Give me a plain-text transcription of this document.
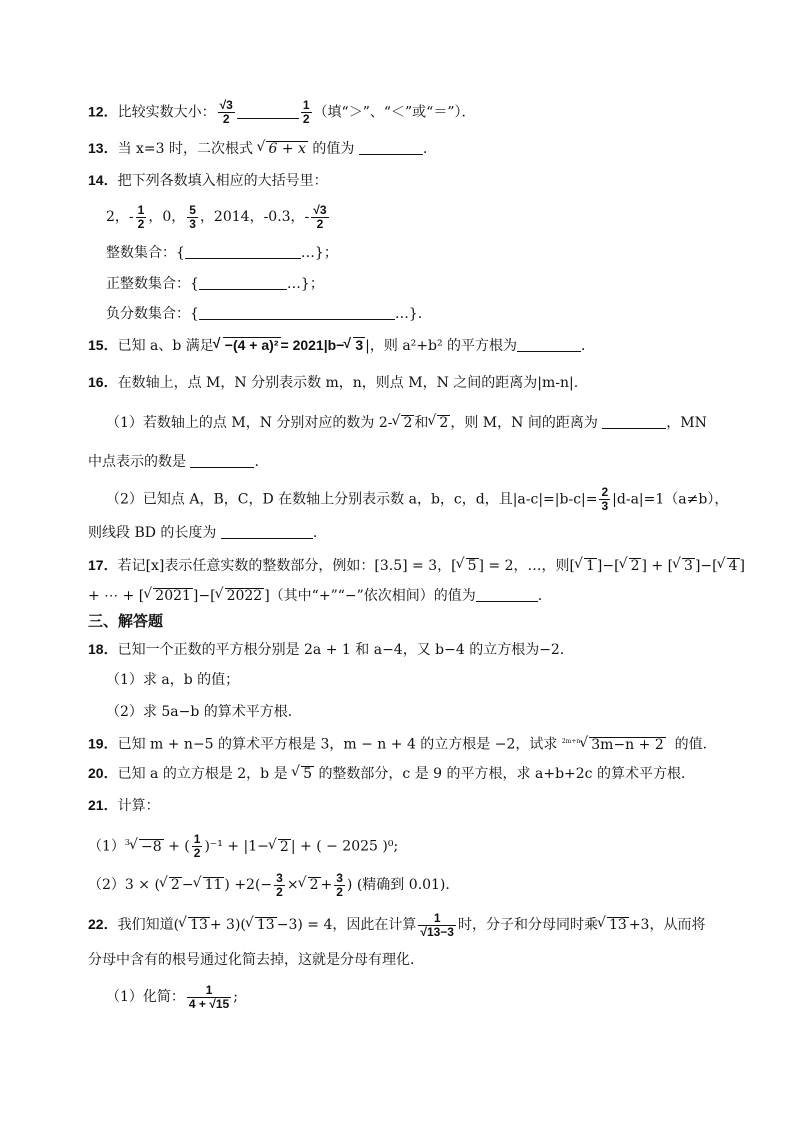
12．比较实数大小： $\frac{√3}{2}$	$\frac{1}{2}$ （填“＞”、“＜”或“＝”）．
13．当 x=3 时，二次根式 √ 6 + x 的值为	.
14．把下列各数填入相应的大括号里：
2，- $\frac{1}{2}$ ，0， $\frac{5}{3}$ ，2014，-0.3，- $\frac{√3}{2}$
整数集合：{	…}；
正整数集合：{	…}；
负分数集合：{	…}．
15．已知 a、b 满足√ −(4 + a)² = 2021|b−√ 3 |，则 a²+b² 的平方根为	．
16．在数轴上，点 M，N 分别表示数 m，n，则点 M，N 之间的距离为|m-n|.
（1）若数轴上的点 M，N 分别对应的数为 2-√ 2 和√ 2 ，则 M，N 间的距离为	，MN
中点表示的数是	.
（2）已知点 A，B，C，D 在数轴上分别表示数 a，b，c，d，且$|a-c|=|b-c|= \frac{2}{3} |d-a|=1(a\ne b)$，
则线段 BD 的长度为	.
17．若记[x]表示任意实数的整数部分，例如：[3.5] = 3，[√ 5 ] = 2，…，则[√ 1 ]−[√ 2 ] + [√ 3 ]−[√ 4 ]
+ ⋯ + [√ 2021 ]−[√ 2022 ]（其中“+”“−”依次相间）的值为	．
三、解答题
18．已知一个正数的平方根分别是 2a + 1 和 a−4，又 b−4 的立方根为−2．
（1）求 a，b 的值；
（2）求 5a−b 的算术平方根．
19．已知 m + n−5 的算术平方根是 3，m − n + 4 的立方根是 −2，试求 $^{2m+n}$√ 3m−n + 2 的值.
20．已知 a 的立方根是 2，b 是 √ 5 的整数部分，c 是 9 的平方根，求 a+b+2c 的算术平方根．
21．计算：
$(1)^3√ -8$ + ( $\frac{1}{2} )^{-1} + |1-√$ 2 | + ( − 2025 )⁰;
（2）3 × (√ 2 −√ 11 ) $+2(- \frac{3}{2}$ ×√ $2 + \frac{3}{2}$ ) (精确到 0.01).
22．我们知道(√ 13 + 3)(√ 13 −3) = 4，因此在计算 $\frac{1}{√13-3}$ 时，分子和分母同时乘√ 13 +3，从而将
分母中含有的根号通过化简去掉，这就是分母有理化．
（1）化简： $\frac{1}{4 + √15}$ ;
